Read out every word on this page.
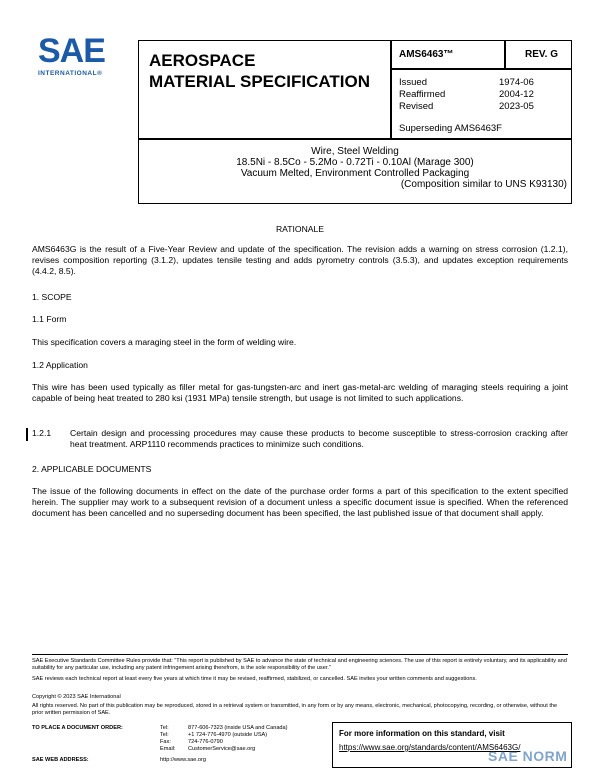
SAE
INTERNATIONAL®
AEROSPACE
MATERIAL SPECIFICATION
AMS6463™	REV. G
Issued	1974-06
Reaffirmed	2004-12
Revised	2023-05
Superseding AMS6463F
Wire, Steel Welding
18.5Ni - 8.5Co - 5.2Mo - 0.72Ti - 0.10Al (Marage 300)
Vacuum Melted, Environment Controlled Packaging
(Composition similar to UNS K93130)
RATIONALE
AMS6463G is the result of a Five-Year Review and update of the specification. The revision adds a warning on stress corrosion (1.2.1), revises composition reporting (3.1.2), updates tensile testing and adds pyrometry controls (3.5.3), and updates exception requirements (4.4.2, 8.5).
1. SCOPE
1.1 Form
This specification covers a maraging steel in the form of welding wire.
1.2 Application
This wire has been used typically as filler metal for gas-tungsten-arc and inert gas-metal-arc welding of maraging steels requiring a joint capable of being heat treated to 280 ksi (1931 MPa) tensile strength, but usage is not limited to such applications.
1.2.1 Certain design and processing procedures may cause these products to become susceptible to stress-corrosion cracking after heat treatment. ARP1110 recommends practices to minimize such conditions.
2. APPLICABLE DOCUMENTS
The issue of the following documents in effect on the date of the purchase order forms a part of this specification to the extent specified herein. The supplier may work to a subsequent revision of a document unless a specific document issue is specified. When the referenced document has been cancelled and no superseding document has been specified, the last published issue of that document shall apply.
SAE Executive Standards Committee Rules provide that: “This report is published by SAE to advance the state of technical and engineering sciences. The use of this report is entirely voluntary, and its applicability and suitability for any particular use, including any patent infringement arising therefrom, is the sole responsibility of the user.”
SAE reviews each technical report at least every five years at which time it may be revised, reaffirmed, stabilized, or cancelled. SAE invites your written comments and suggestions.
Copyright © 2023 SAE International
All rights reserved. No part of this publication may be reproduced, stored in a retrieval system or transmitted, in any form or by any means, electronic, mechanical, photocopying, recording, or otherwise, without the prior written permission of SAE.
TO PLACE A DOCUMENT ORDER:	Tel:	877-606-7323 (inside USA and Canada)
Tel:	+1 724-776-4970 (outside USA)
Fax:	724-776-0790
Email: CustomerService@sae.org
SAE WEB ADDRESS:	http://www.sae.org
For more information on this standard, visit
https://www.sae.org/standards/content/AMS6463G/
SAE NORM
